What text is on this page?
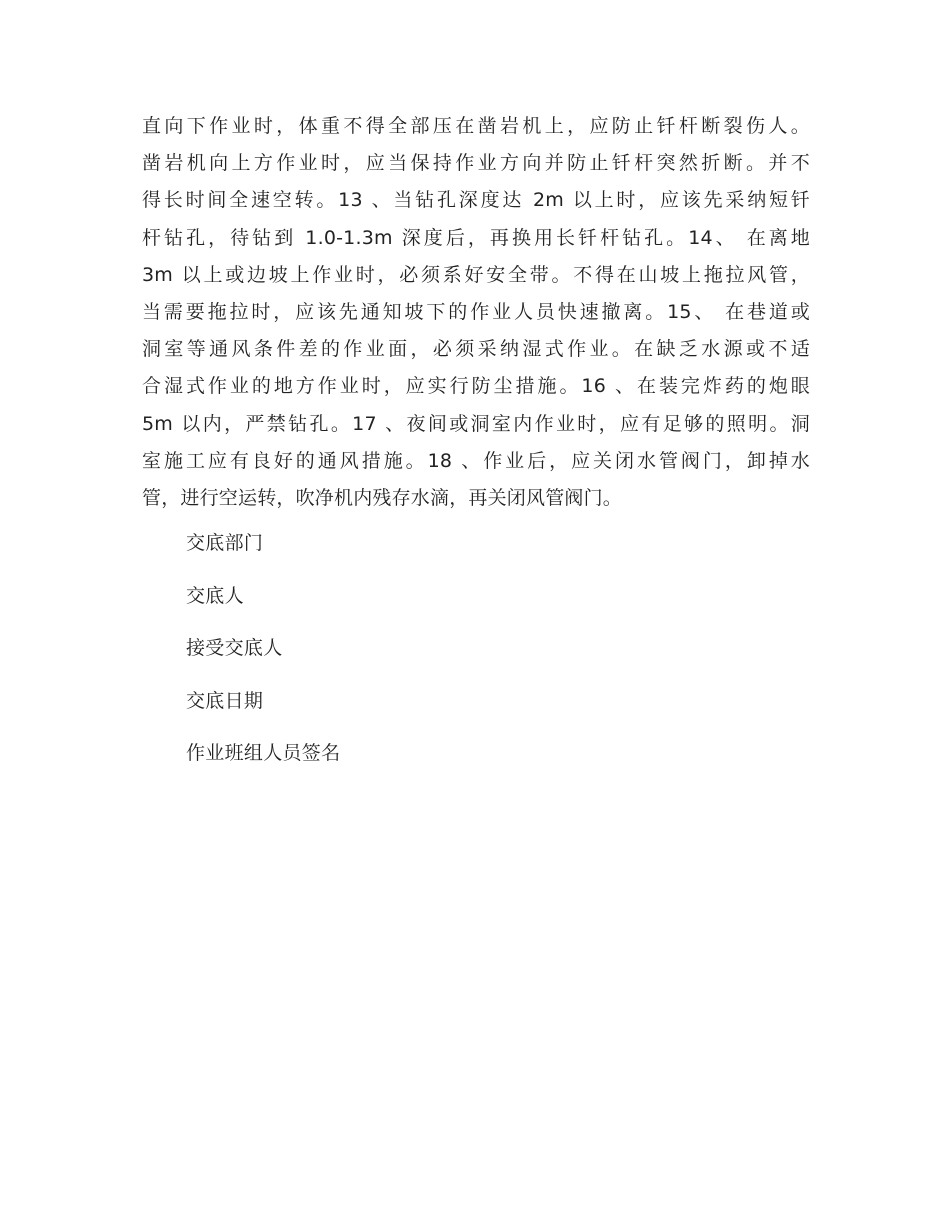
直向下作业时，体重不得全部压在凿岩机上，应防止钎杆断裂伤人。
凿岩机向上方作业时，应当保持作业方向并防止钎杆突然折断。并不
得长时间全速空转。13 、当钻孔深度达 2m 以上时，应该先采纳短钎
杆钻孔，待钻到 1.0-1.3m 深度后，再换用长钎杆钻孔。14、 在离地
3m 以上或边坡上作业时，必须系好安全带。不得在山坡上拖拉风管，
当需要拖拉时，应该先通知坡下的作业人员快速撤离。15、 在巷道或
洞室等通风条件差的作业面，必须采纳湿式作业。在缺乏水源或不适
合湿式作业的地方作业时，应实行防尘措施。16 、在装完炸药的炮眼
5m 以内，严禁钻孔。17 、夜间或洞室内作业时，应有足够的照明。洞
室施工应有良好的通风措施。18 、作业后，应关闭水管阀门，卸掉水
管，进行空运转，吹净机内残存水滴，再关闭风管阀门。

交底部门
交底人
接受交底人
交底日期
作业班组人员签名
